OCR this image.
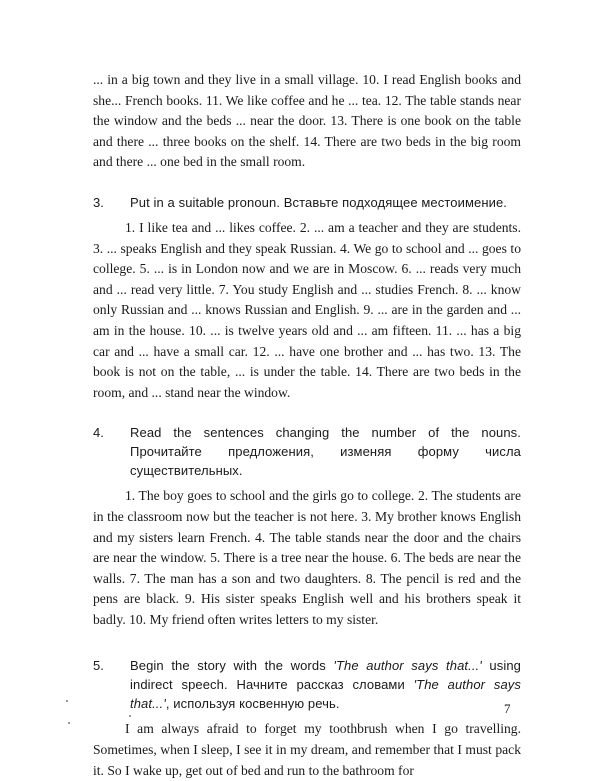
... in a big town and they live in a small village. 10. I read English books and she... French books. 11. We like coffee and he ... tea. 12. The table stands near the window and the beds ... near the door. 13. There is one book on the table and there ... three books on the shelf. 14. There are two beds in the big room and there ... one bed in the small room.

3.	Put in a suitable pronoun. Вставьте подходящее местоимение.

1. I like tea and ... likes coffee. 2. ... am a teacher and they are students. 3. ... speaks English and they speak Russian. 4. We go to school and ... goes to college. 5. ... is in London now and we are in Moscow. 6. ... reads very much and ... read very little. 7. You study English and ... studies French. 8. ... know only Russian and ... knows Russian and English. 9. ... are in the garden and ... am in the house. 10. ... is twelve years old and ... am fifteen. 11. ... has a big car and ... have a small car. 12. ... have one brother and ... has two. 13. The book is not on the table, ... is under the table. 14. There are two beds in the room, and ... stand near the window.

4.	Read the sentences changing the number of the nouns. Прочитайте предложения, изменяя форму числа существительных.

1. The boy goes to school and the girls go to college. 2. The students are in the classroom now but the teacher is not here. 3. My brother knows English and my sisters learn French. 4. The table stands near the door and the chairs are near the window. 5. There is a tree near the house. 6. The beds are near the walls. 7. The man has a son and two daughters. 8. The pencil is red and the pens are black. 9. His sister speaks English well and his brothers speak it badly. 10. My friend often writes letters to my sister.

5.	Begin the story with the words 'The author says that...' using indirect speech. Начните рассказ словами 'The author says that...', используя косвенную речь.

I am always afraid to forget my toothbrush when I go travelling. Sometimes, when I sleep, I see it in my dream, and remember that I must pack it. So I wake up, get out of bed and run to the bathroom for

7
